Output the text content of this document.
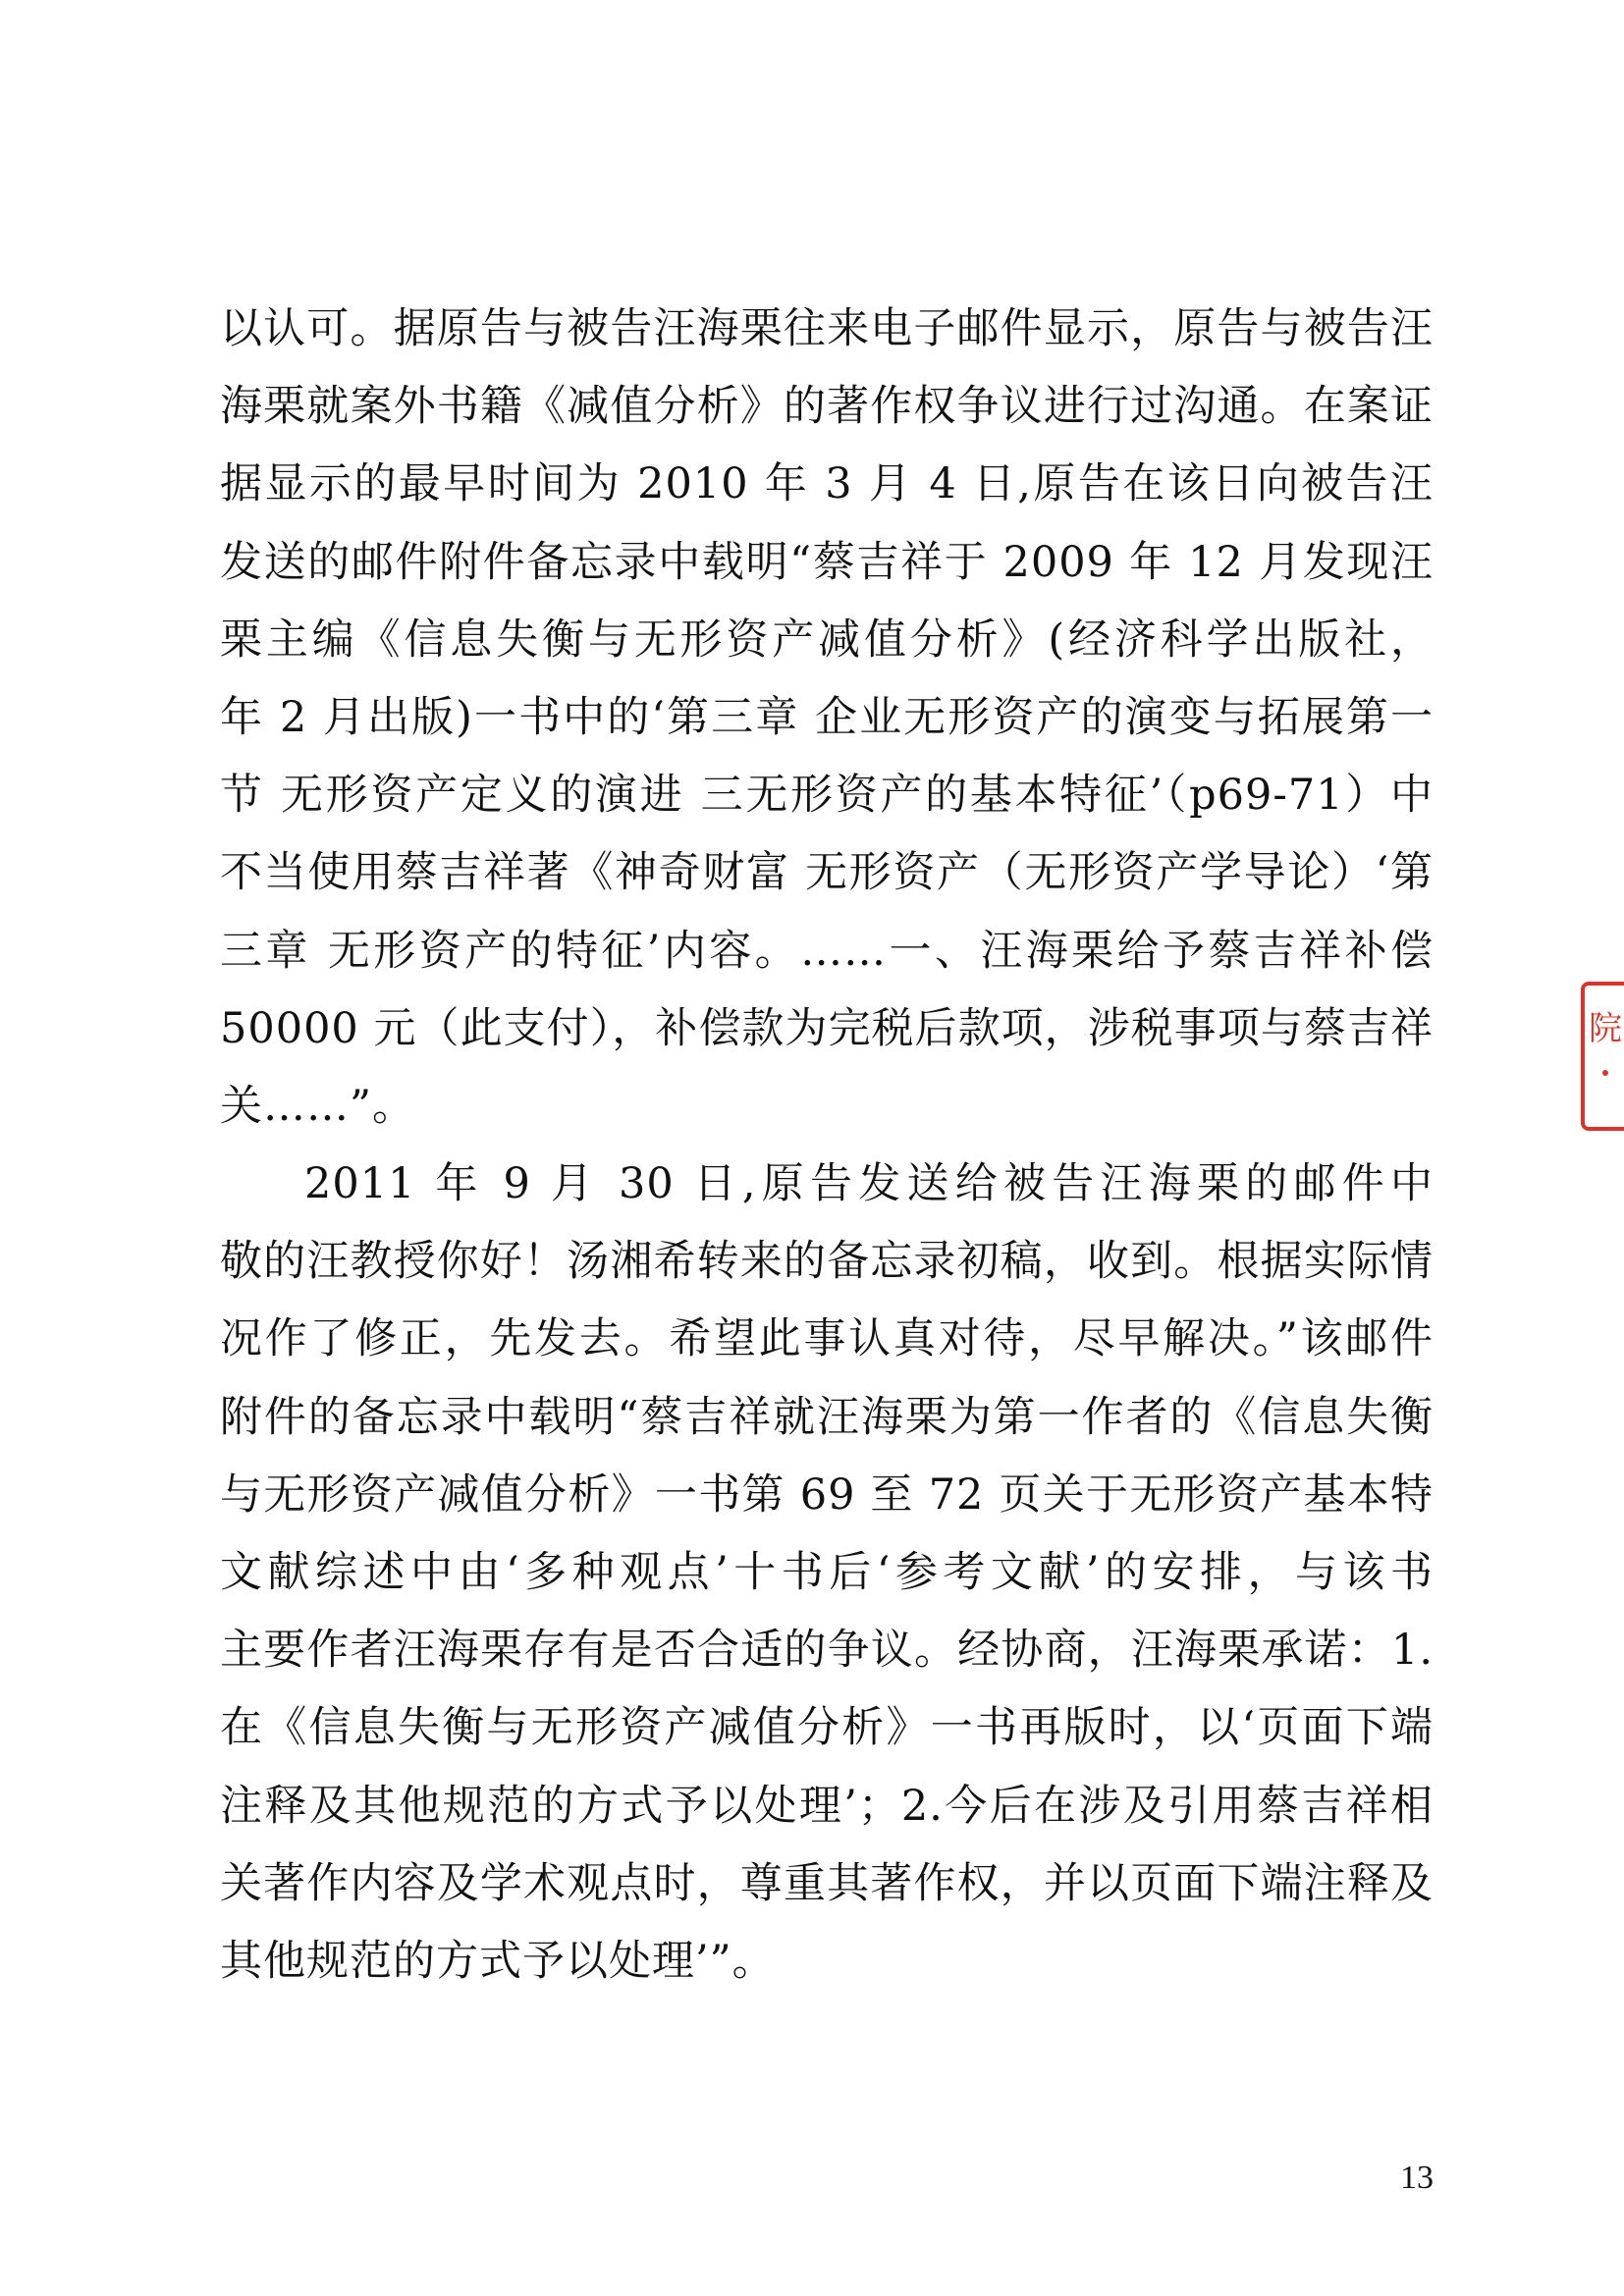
以认可。据原告与被告汪海栗往来电子邮件显示，原告与被告汪
海栗就案外书籍《减值分析》的著作权争议进行过沟通。在案证
据显示的最早时间为 2010 年 3 月 4 日,原告在该日向被告汪
发送的邮件附件备忘录中载明“蔡吉祥于 2009 年 12 月发现汪
栗主编《信息失衡与无形资产减值分析》(经济科学出版社，
年 2 月出版)一书中的‘第三章 企业无形资产的演变与拓展第一
节 无形资产定义的演进 三无形资产的基本特征’（p69-71）中
不当使用蔡吉祥著《神奇财富 无形资产（无形资产学导论）‘第
三章 无形资产的特征’内容。……一、汪海栗给予蔡吉祥补偿
50000 元（此支付），补偿款为完税后款项，涉税事项与蔡吉祥
关……”。
2011 年 9 月 30 日,原告发送给被告汪海栗的邮件中
敬的汪教授你好！汤湘希转来的备忘录初稿，收到。根据实际情
况作了修正，先发去。希望此事认真对待，尽早解决。”该邮件
附件的备忘录中载明“蔡吉祥就汪海栗为第一作者的《信息失衡
与无形资产减值分析》一书第 69 至 72 页关于无形资产基本特
文献综述中由‘多种观点’十书后‘参考文献’的安排，与该书
主要作者汪海栗存有是否合适的争议。经协商，汪海栗承诺：1.
在《信息失衡与无形资产减值分析》一书再版时，以‘页面下端
注释及其他规范的方式予以处理’；2.今后在涉及引用蔡吉祥相
关著作内容及学术观点时，尊重其著作权，并以页面下端注释及
其他规范的方式予以处理’”。
院
13
